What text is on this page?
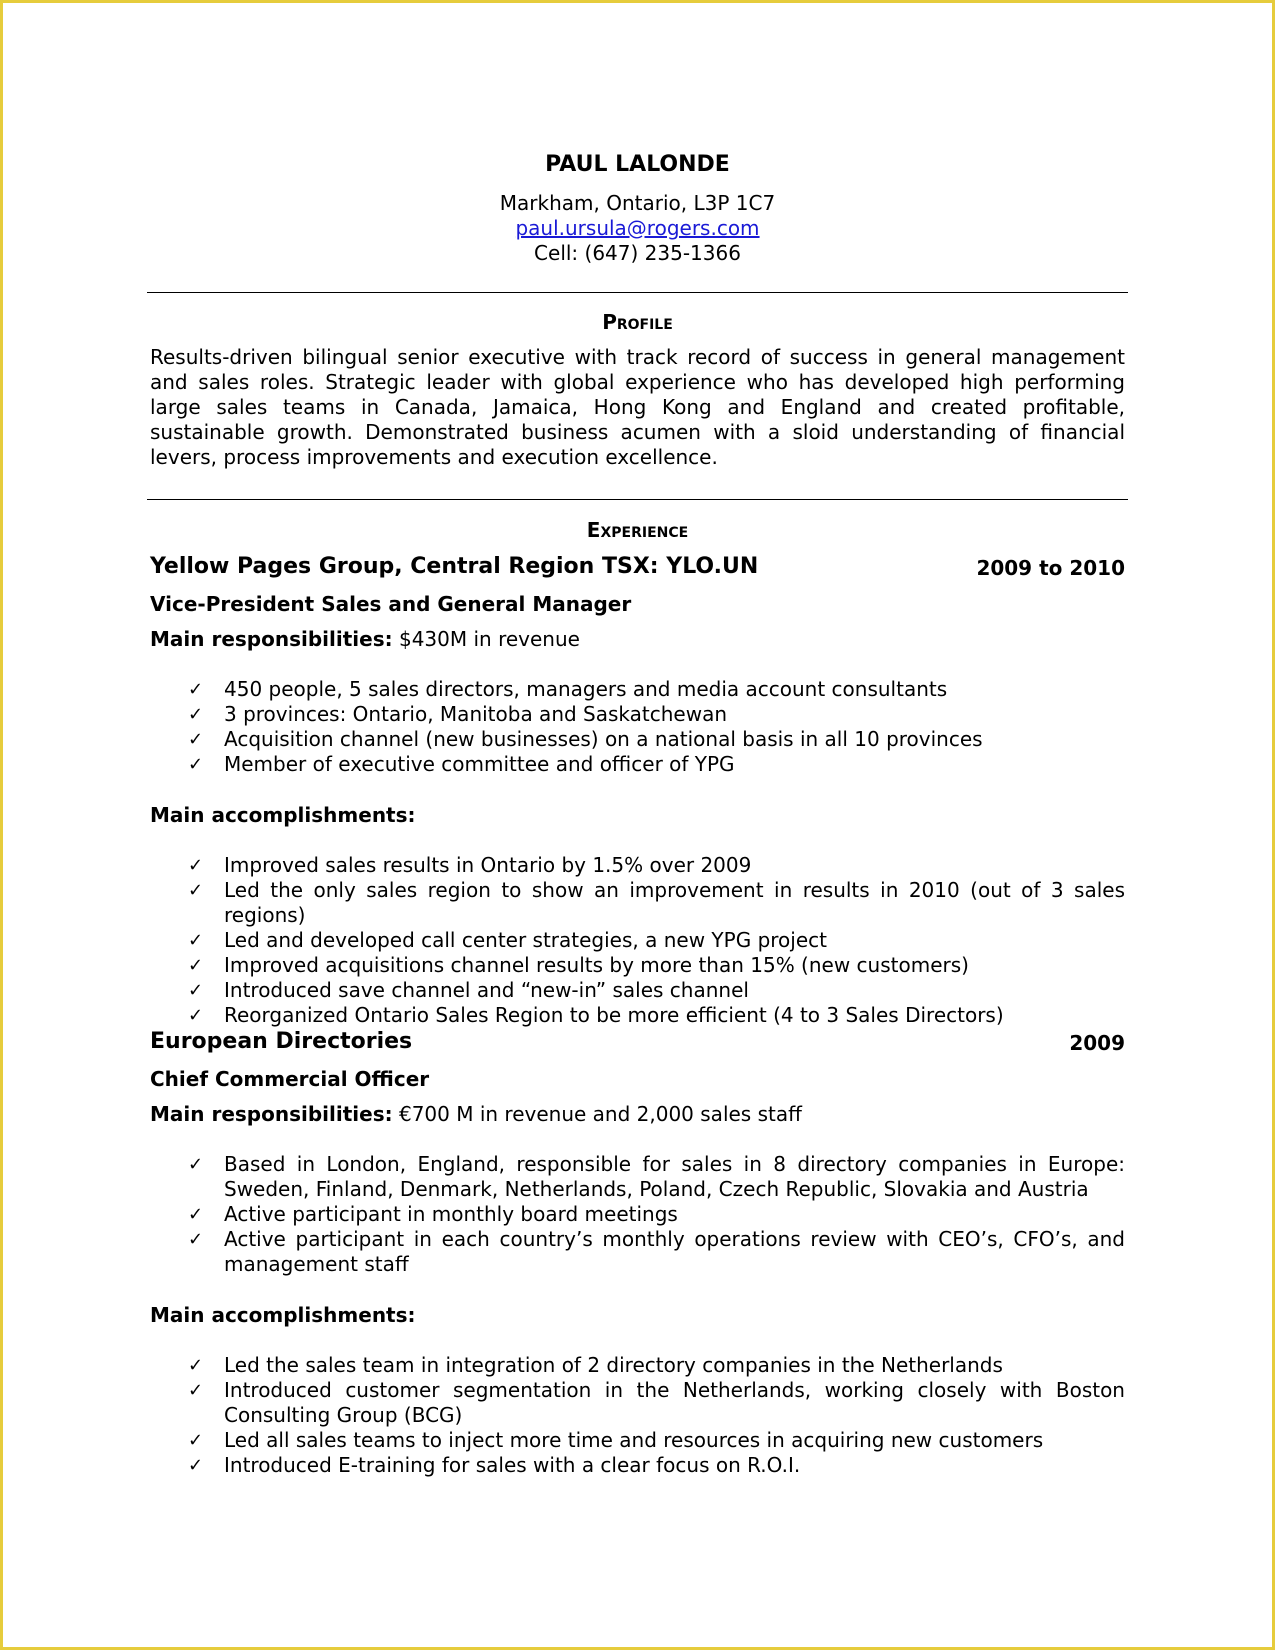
PAUL LALONDE
Markham, Ontario, L3P 1C7
paul.ursula@rogers.com
Cell: (647) 235-1366
Profile
Results-driven bilingual senior executive with track record of success in general management and sales roles. Strategic leader with global experience who has developed high performing large sales teams in Canada, Jamaica, Hong Kong and England and created profitable, sustainable growth. Demonstrated business acumen with a sloid understanding of financial levers, process improvements and execution excellence.
Experience
Yellow Pages Group, Central Region TSX: YLO.UN	2009 to 2010
Vice-President Sales and General Manager
Main responsibilities: $430M in revenue
✓ 450 people, 5 sales directors, managers and media account consultants
✓ 3 provinces: Ontario, Manitoba and Saskatchewan
✓ Acquisition channel (new businesses) on a national basis in all 10 provinces
✓ Member of executive committee and officer of YPG
Main accomplishments:
✓ Improved sales results in Ontario by 1.5% over 2009
✓ Led the only sales region to show an improvement in results in 2010 (out of 3 sales regions)
✓ Led and developed call center strategies, a new YPG project
✓ Improved acquisitions channel results by more than 15% (new customers)
✓ Introduced save channel and “new-in” sales channel
✓ Reorganized Ontario Sales Region to be more efficient (4 to 3 Sales Directors)
European Directories	2009
Chief Commercial Officer
Main responsibilities: €700 M in revenue and 2,000 sales staff
✓ Based in London, England, responsible for sales in 8 directory companies in Europe: Sweden, Finland, Denmark, Netherlands, Poland, Czech Republic, Slovakia and Austria
✓ Active participant in monthly board meetings
✓ Active participant in each country’s monthly operations review with CEO’s, CFO’s, and management staff
Main accomplishments:
✓ Led the sales team in integration of 2 directory companies in the Netherlands
✓ Introduced customer segmentation in the Netherlands, working closely with Boston Consulting Group (BCG)
✓ Led all sales teams to inject more time and resources in acquiring new customers
✓ Introduced E-training for sales with a clear focus on R.O.I.
